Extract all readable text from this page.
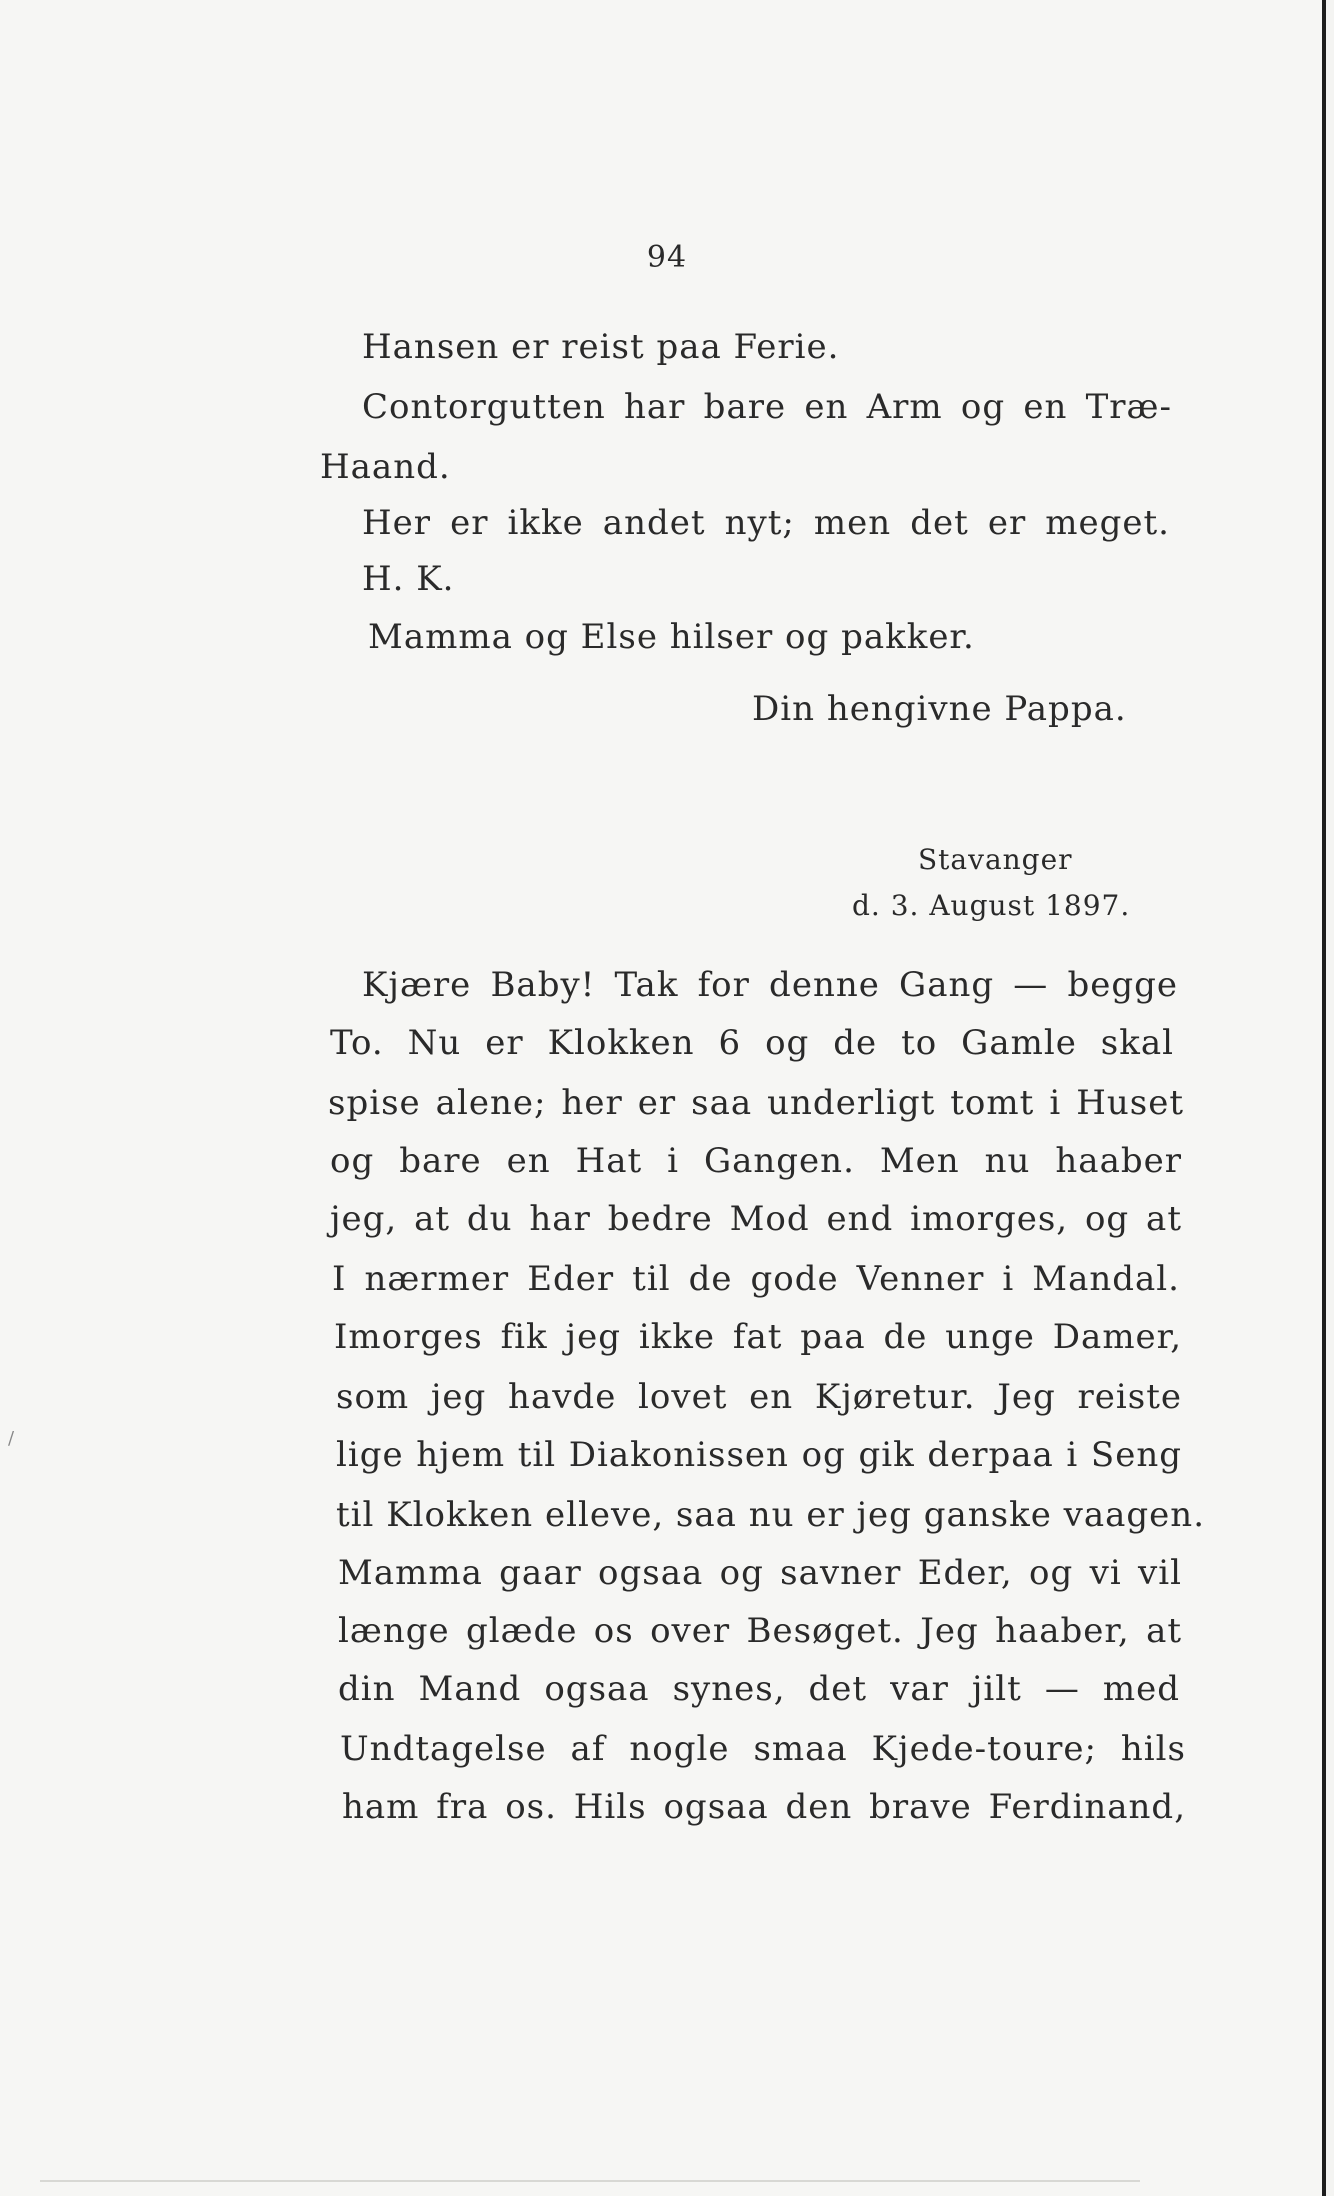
94
Hansen er reist paa Ferie.
Contorgutten har bare en Arm og en Træ-
Haand.
Her er ikke andet nyt; men det er meget.
H. K.
Mamma og Else hilser og pakker.
Din hengivne Pappa.
Stavanger
d. 3. August 1897.
Kjære Baby! Tak for denne Gang — begge
To. Nu er Klokken 6 og de to Gamle skal
spise alene; her er saa underligt tomt i Huset
og bare en Hat i Gangen. Men nu haaber
jeg, at du har bedre Mod end imorges, og at
I nærmer Eder til de gode Venner i Mandal.
Imorges fik jeg ikke fat paa de unge Damer,
som jeg havde lovet en Kjøretur. Jeg reiste
lige hjem til Diakonissen og gik derpaa i Seng
til Klokken elleve, saa nu er jeg ganske vaagen.
Mamma gaar ogsaa og savner Eder, og vi vil
længe glæde os over Besøget. Jeg haaber, at
din Mand ogsaa synes, det var jilt — med
Undtagelse af nogle smaa Kjede-toure; hils
ham fra os. Hils ogsaa den brave Ferdinand,
/
